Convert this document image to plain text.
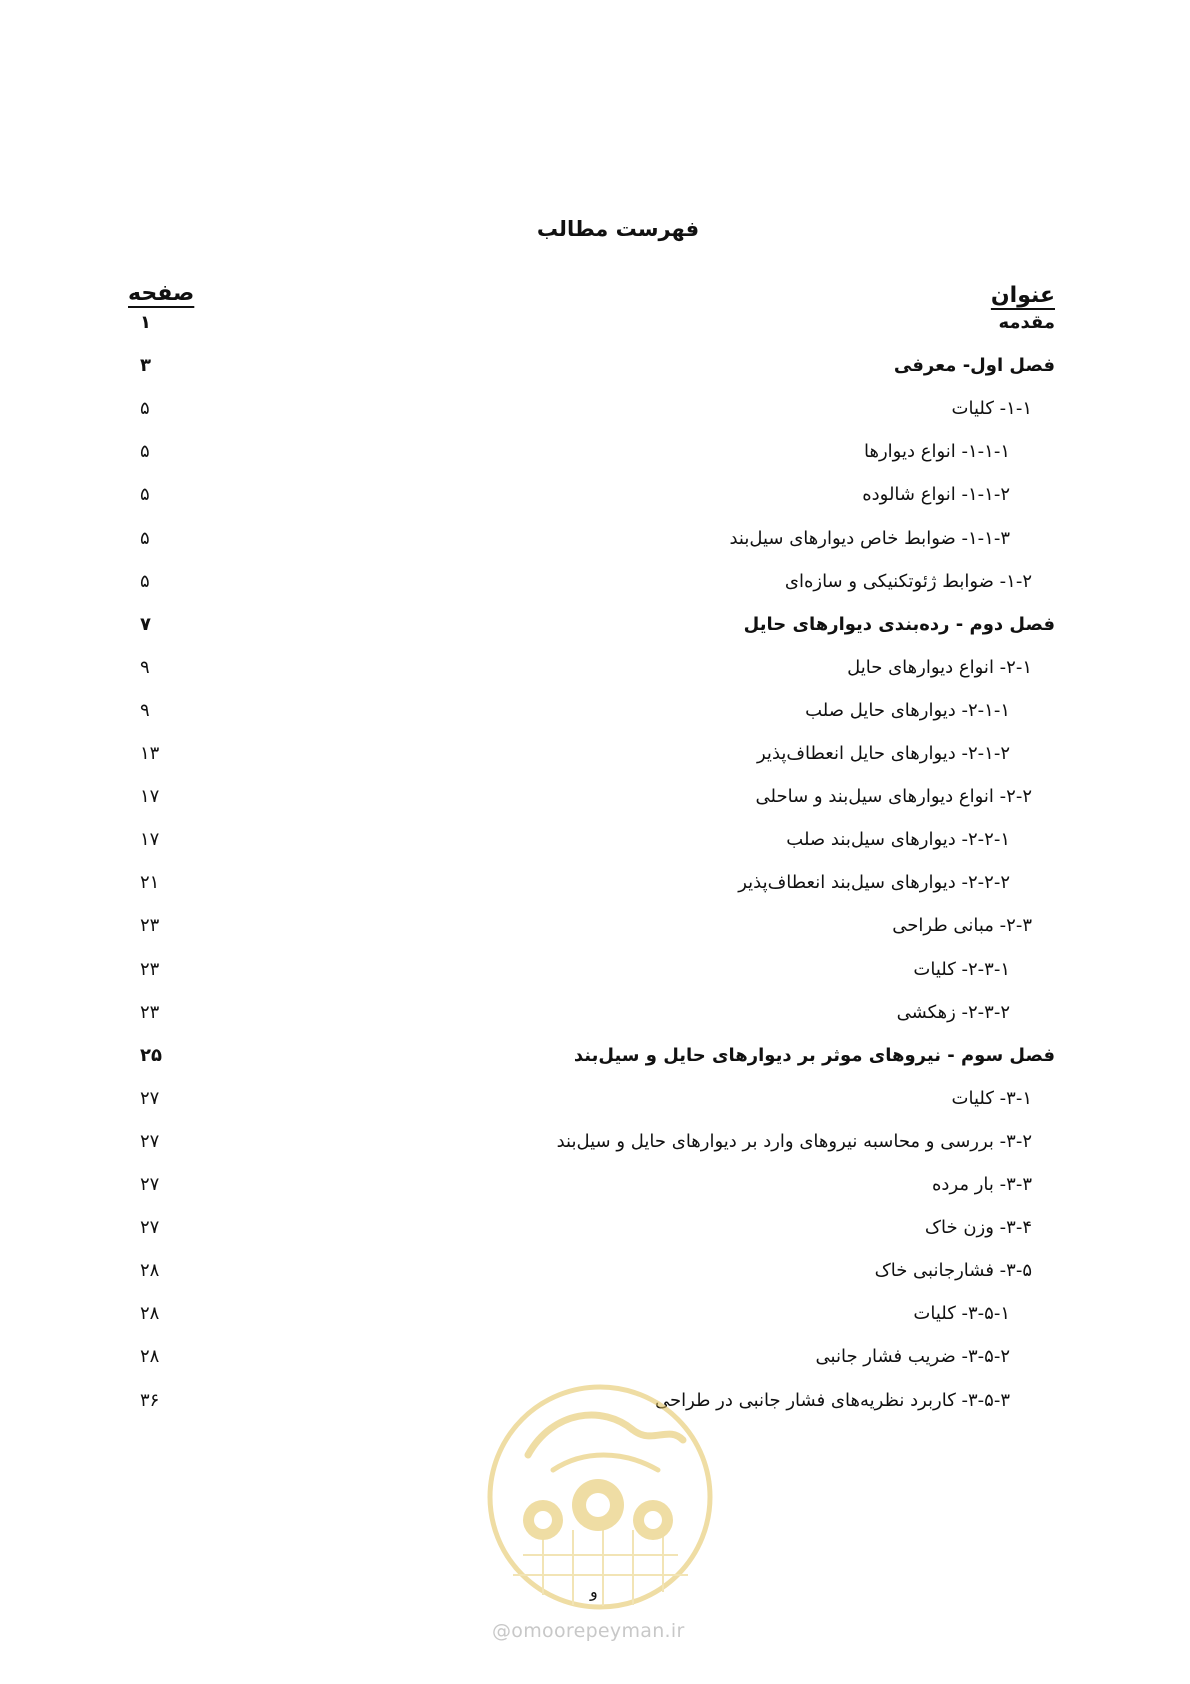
فهرست مطالب
عنوان
صفحه
مقدمه
۱
فصل اول- معرفی
۳
۱-۱- کلیات
۵
۱-۱-۱- انواع دیوارها
۵
۱-۱-۲- انواع شالوده
۵
۱-۱-۳- ضوابط خاص دیوارهای سیل‌بند
۵
۱-۲- ضوابط ژئوتکنیکی و سازه‌ای
۵
فصل دوم - رده‌بندی دیوارهای حایل
۷
۲-۱- انواع دیوارهای حایل
۹
۲-۱-۱- دیوارهای حایل صلب
۹
۲-۱-۲- دیوارهای حایل انعطاف‌پذیر
۱۳
۲-۲- انواع دیوارهای سیل‌بند و ساحلی
۱۷
۲-۲-۱- دیوارهای سیل‌بند صلب
۱۷
۲-۲-۲- دیوارهای سیل‌بند انعطاف‌پذیر
۲۱
۲-۳- مبانی طراحی
۲۳
۲-۳-۱- کلیات
۲۳
۲-۳-۲- زهکشی
۲۳
فصل سوم - نیروهای موثر بر دیوارهای حایل و سیل‌بند
۲۵
۳-۱- کلیات
۲۷
۳-۲- بررسی و محاسبه نیروهای وارد بر دیوارهای حایل و سیل‌بند
۲۷
۳-۳- بار مرده
۲۷
۳-۴- وزن خاک
۲۷
۳-۵- فشارجانبی خاک
۲۸
۳-۵-۱- کلیات
۲۸
۳-۵-۲- ضریب فشار جانبی
۲۸
۳-۵-۳- کاربرد نظریه‌های فشار جانبی در طراحی
۳۶
و
@omoorepeyman.ir
